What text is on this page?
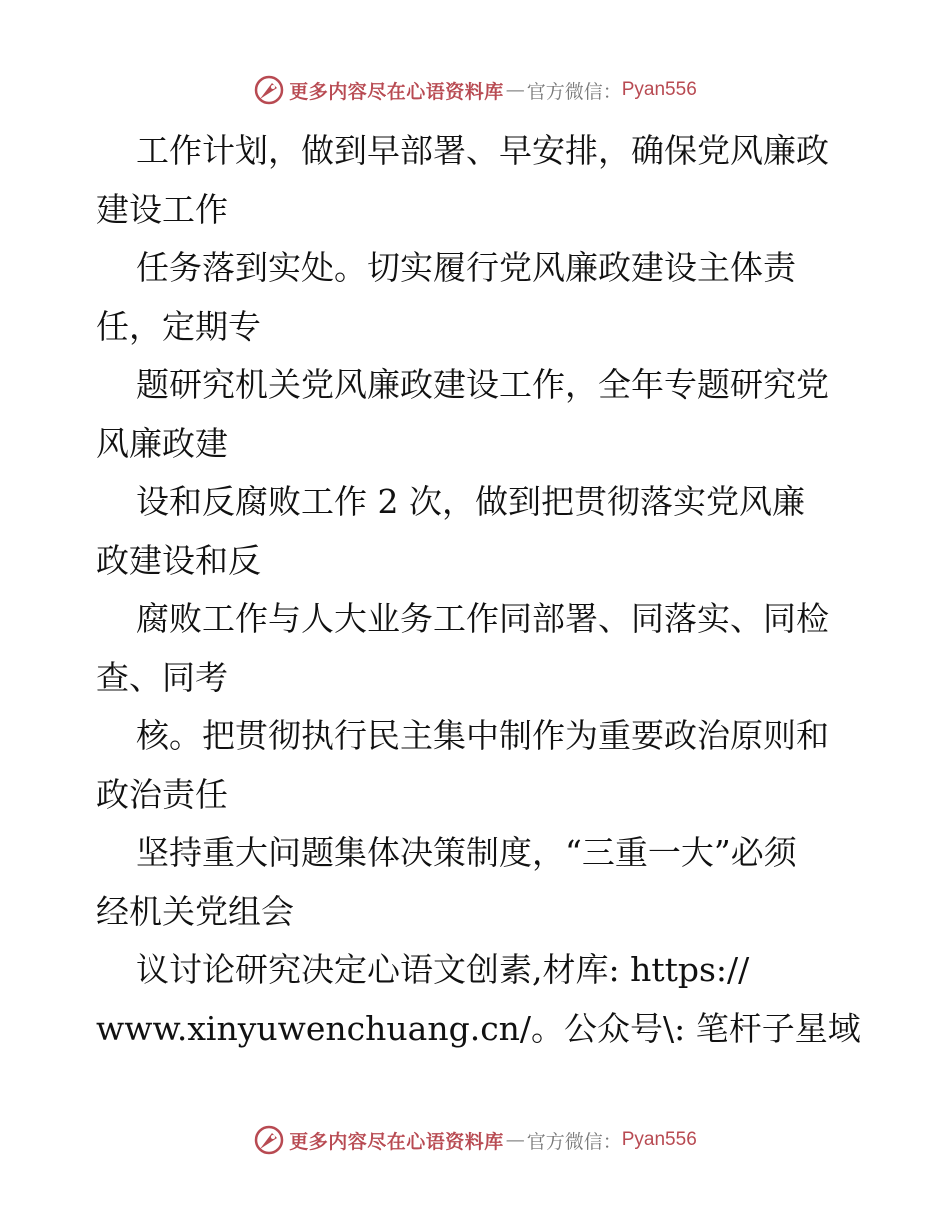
更多内容尽在心语资料库 — 官方微信： Pyan556
工作计划，做到早部署、早安排，确保党风廉政
建设工作
任务落到实处。切实履行党风廉政建设主体责
任，定期专
题研究机关党风廉政建设工作，全年专题研究党
风廉政建
设和反腐败工作 2 次，做到把贯彻落实党风廉
政建设和反
腐败工作与人大业务工作同部署、同落实、同检
查、同考
核。把贯彻执行民主集中制作为重要政治原则和
政治责任
坚持重大问题集体决策制度，“三重一大”必须
经机关党组会
议讨论研究决定心语文创素,材库: https://
www.xinyuwenchuang.cn/。公众号\: 笔杆子星域
更多内容尽在心语资料库 — 官方微信： Pyan556
